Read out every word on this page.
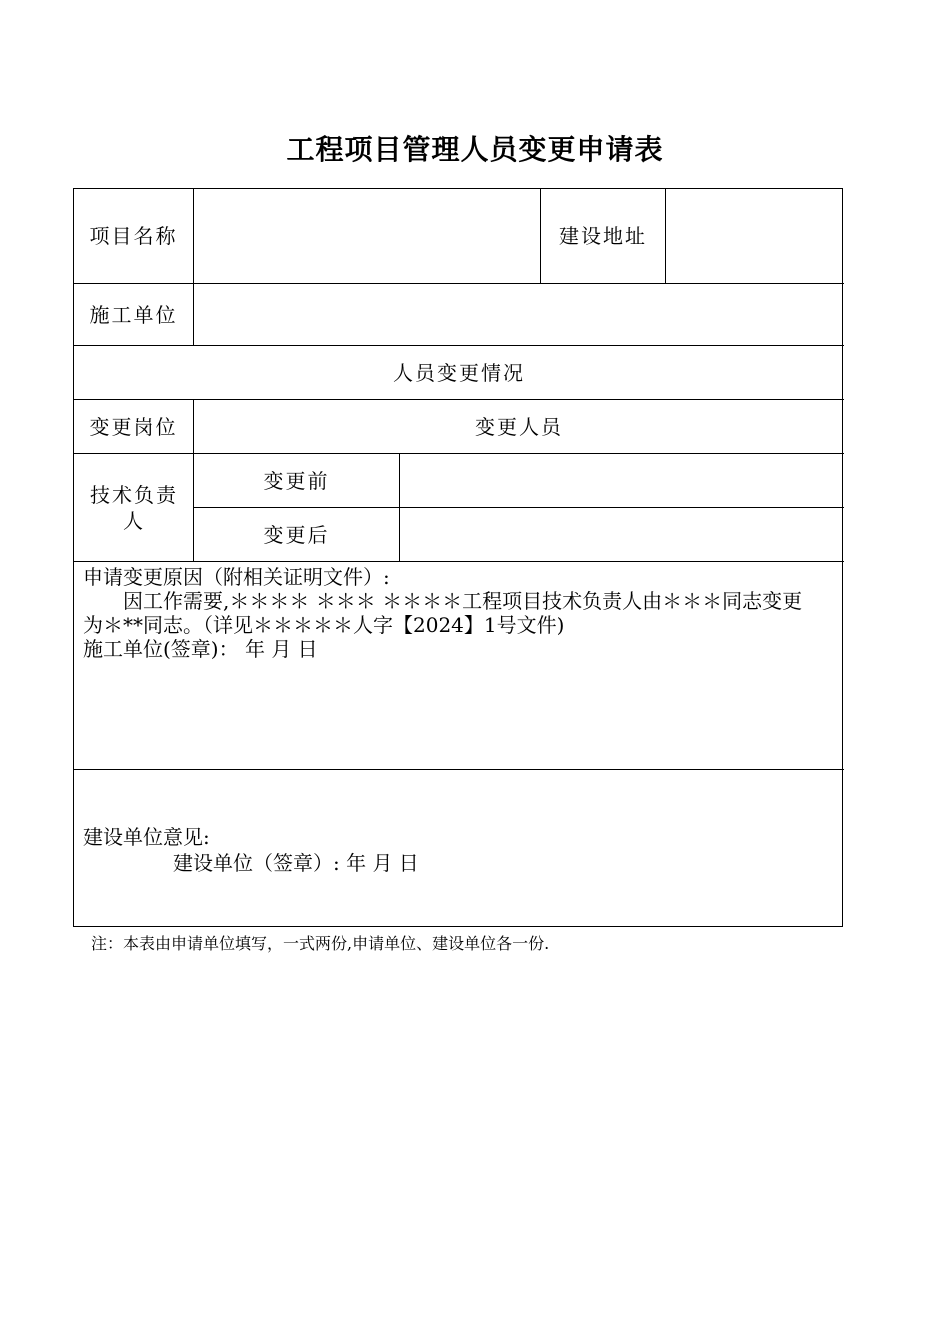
工程项目管理人员变更申请表
项目名称	建设地址
施工单位
人员变更情况
变更岗位	变更人员
技术负责人
变更前
变更后
申请变更原因（附相关证明文件）:
　　因工作需要,＊＊＊＊ ＊＊＊ ＊＊＊＊工程项目技术负责人由＊＊＊同志变更
为＊**同志。（详见＊＊＊＊＊人字【2024】1号文件)
施工单位(签章)： 年 月 日
建设单位意见:
建设单位（签章）: 年 月 日
注：本表由申请单位填写，一式两份,申请单位、建设单位各一份.
